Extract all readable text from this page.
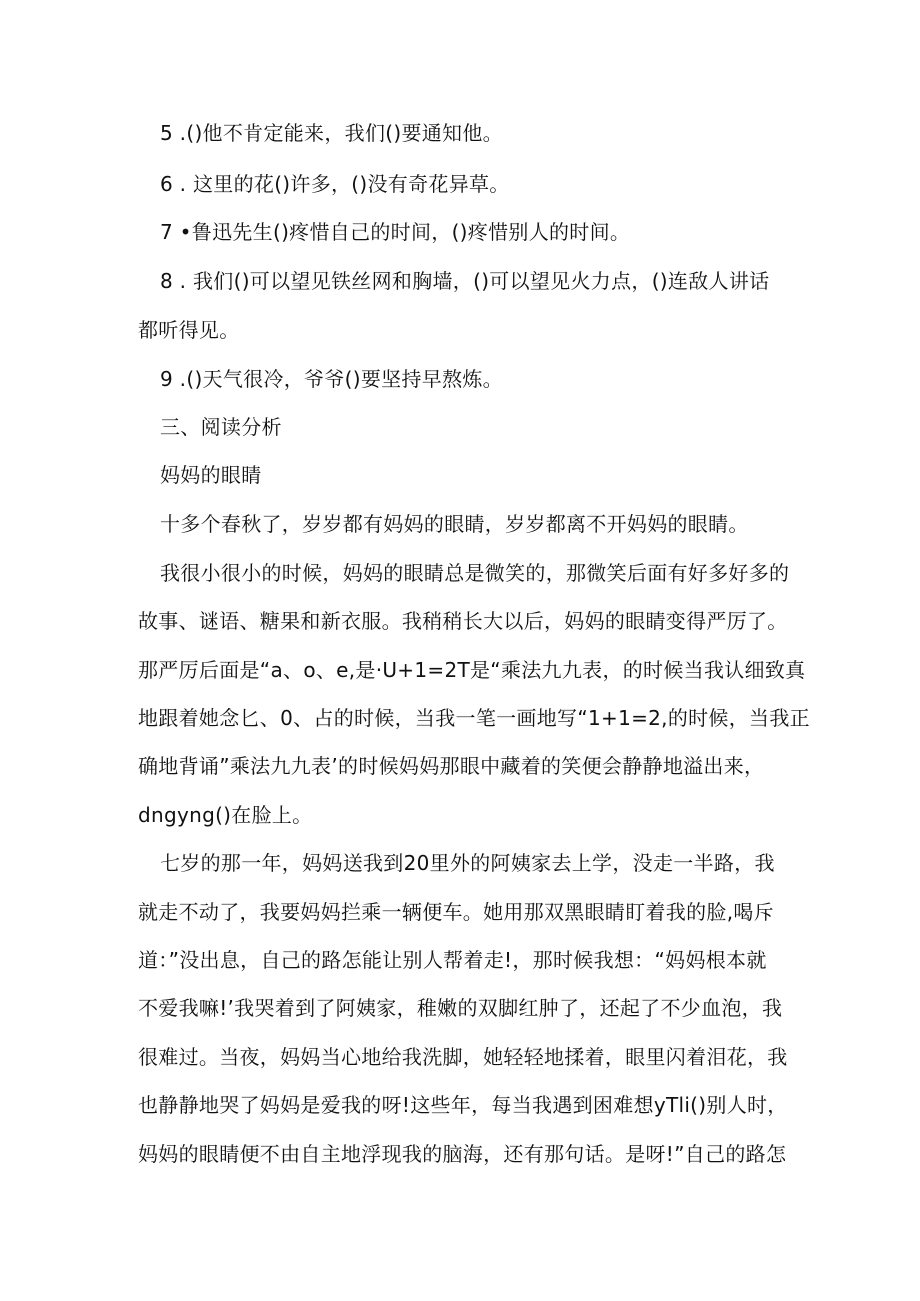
5 .()他不肯定能来，我们()要通知他。
6 . 这里的花()许多，()没有奇花异草。
7 •鲁迅先生()疼惜自己的时间，()疼惜别人的时间。
8 . 我们()可以望见铁丝网和胸墙，()可以望见火力点，()连敌人讲话
都听得见。
9 .()天气很冷，爷爷()要坚持早熬炼。
三、阅读分析
妈妈的眼睛
十多个春秋了，岁岁都有妈妈的眼睛，岁岁都离不开妈妈的眼睛。
我很小很小的时候，妈妈的眼睛总是微笑的，那微笑后面有好多好多的
故事、谜语、糖果和新衣服。我稍稍长大以后，妈妈的眼睛变得严厉了。
那严厉后面是“a、o、e,是·U+1=2T是“乘法九九表，的时候当我认细致真
地跟着她念匕、0、占的时候，当我一笔一画地写“1+1=2,的时候，当我正
确地背诵”乘法九九表’的时候妈妈那眼中藏着的笑便会静静地溢出来，
dngyng()在脸上。
七岁的那一年，妈妈送我到20里外的阿姨家去上学，没走一半路，我
就走不动了，我要妈妈拦乘一辆便车。她用那双黑眼睛盯着我的脸,喝斥
道：”没出息，自己的路怎能让别人帮着走!，那时候我想：“妈妈根本就
不爱我嘛!’我哭着到了阿姨家，稚嫩的双脚红肿了，还起了不少血泡，我
很难过。当夜，妈妈当心地给我洗脚，她轻轻地揉着，眼里闪着泪花，我
也静静地哭了妈妈是爱我的呀!这些年，每当我遇到困难想yTli()别人时，
妈妈的眼睛便不由自主地浮现我的脑海，还有那句话。是呀!”自己的路怎
